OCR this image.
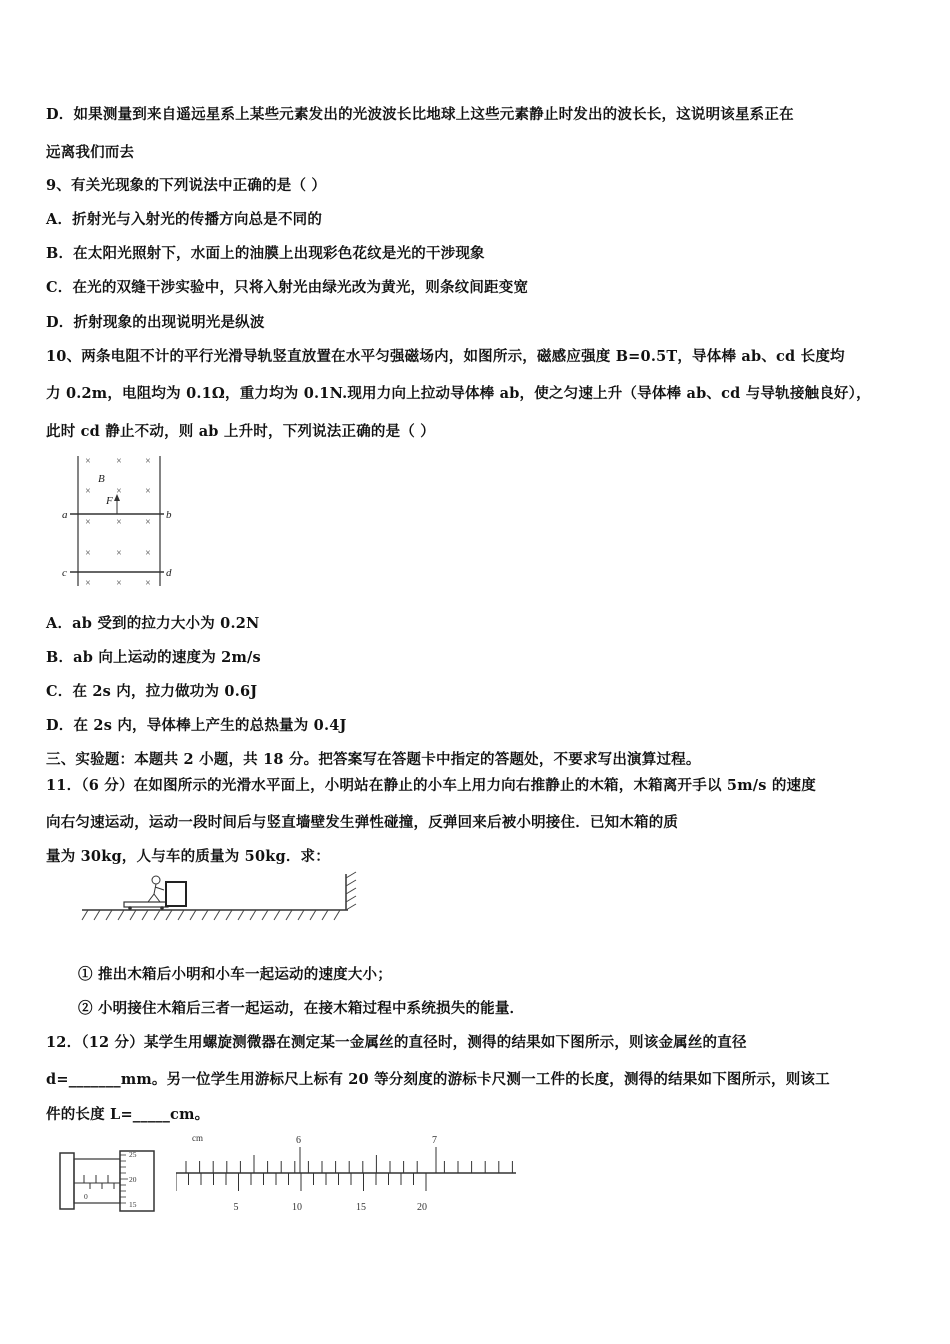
D．如果测量到来自遥远星系上某些元素发出的光波波长比地球上这些元素静止时发出的波长长，这说明该星系正在
远离我们而去
9、有关光现象的下列说法中正确的是（ ）
A．折射光与入射光的传播方向总是不同的
B．在太阳光照射下，水面上的油膜上出现彩色花纹是光的干涉现象
C．在光的双缝干涉实验中，只将入射光由绿光改为黄光，则条纹间距变宽
D．折射现象的出现说明光是纵波
10、两条电阻不计的平行光滑导轨竖直放置在水平匀强磁场内，如图所示，磁感应强度 B=0.5T，导体棒 ab、cd 长度均
力 0.2m，电阻均为 0.1Ω，重力均为 0.1N.现用力向上拉动导体棒 ab，使之匀速上升（导体棒 ab、cd 与导轨接触良好），
此时 cd 静止不动，则 ab 上升时，下列说法正确的是（ ）
×	× ×
×	× ×
×	× ×
×	× ×
×	× ×
B
F
a	b
c	d
A．ab 受到的拉力大小为 0.2N
B．ab 向上运动的速度为 2m/s
C．在 2s 内，拉力做功为 0.6J
D．在 2s 内，导体棒上产生的总热量为 0.4J
三、实验题：本题共 2 小题，共 18 分。把答案写在答题卡中指定的答题处，不要求写出演算过程。
11．（6 分）在如图所示的光滑水平面上，小明站在静止的小车上用力向右推静止的木箱，木箱离开手以 5m/s 的速度
向右匀速运动，运动一段时间后与竖直墙壁发生弹性碰撞，反弹回来后被小明接住．已知木箱的质
量为 30kg，人与车的质量为 50kg．求：
① 推出木箱后小明和小车一起运动的速度大小；
② 小明接住木箱后三者一起运动，在接木箱过程中系统损失的能量．
12．（12 分）某学生用螺旋测微器在测定某一金属丝的直径时，测得的结果如下图所示，则该金属丝的直径
d=_______mm。另一位学生用游标尺上标有 20 等分刻度的游标卡尺测一工件的长度，测得的结果如下图所示，则该工
件的长度 L=_____cm。
25
20
15
0
cm	6	7
5	10	15	20
